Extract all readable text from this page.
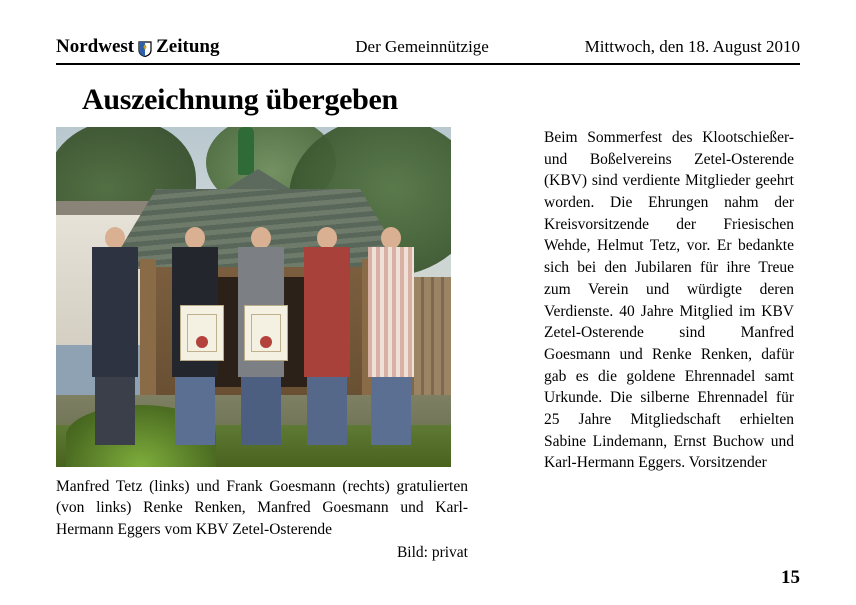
Nordwest Zeitung	Der Gemeinnützige	Mittwoch, den 18. August 2010
Auszeichnung übergeben
Manfred Tetz (links) und Frank Goesmann (rechts) gratulierten (von links) Renke Renken, Manfred Goesmann und Karl-Hermann Eggers vom KBV Zetel-Osterende
Bild: privat

Beim Sommerfest des Klootschießer- und Boßelvereins Zetel-Osterende (KBV) sind verdiente Mitglieder geehrt worden. Die Ehrungen nahm der Kreisvorsitzende der Friesischen Wehde, Helmut Tetz, vor. Er bedankte sich bei den Jubilaren für ihre Treue zum Verein und würdigte deren Verdienste. 40 Jahre Mitglied im KBV Zetel-Osterende sind Manfred Goesmann und Renke Renken, dafür gab es die goldene Ehrennadel samt Urkunde. Die silberne Ehrennadel für 25 Jahre Mitgliedschaft erhielten Sabine Lindemann, Ernst Buchow und Karl-Hermann Eggers. Vorsitzender

15
